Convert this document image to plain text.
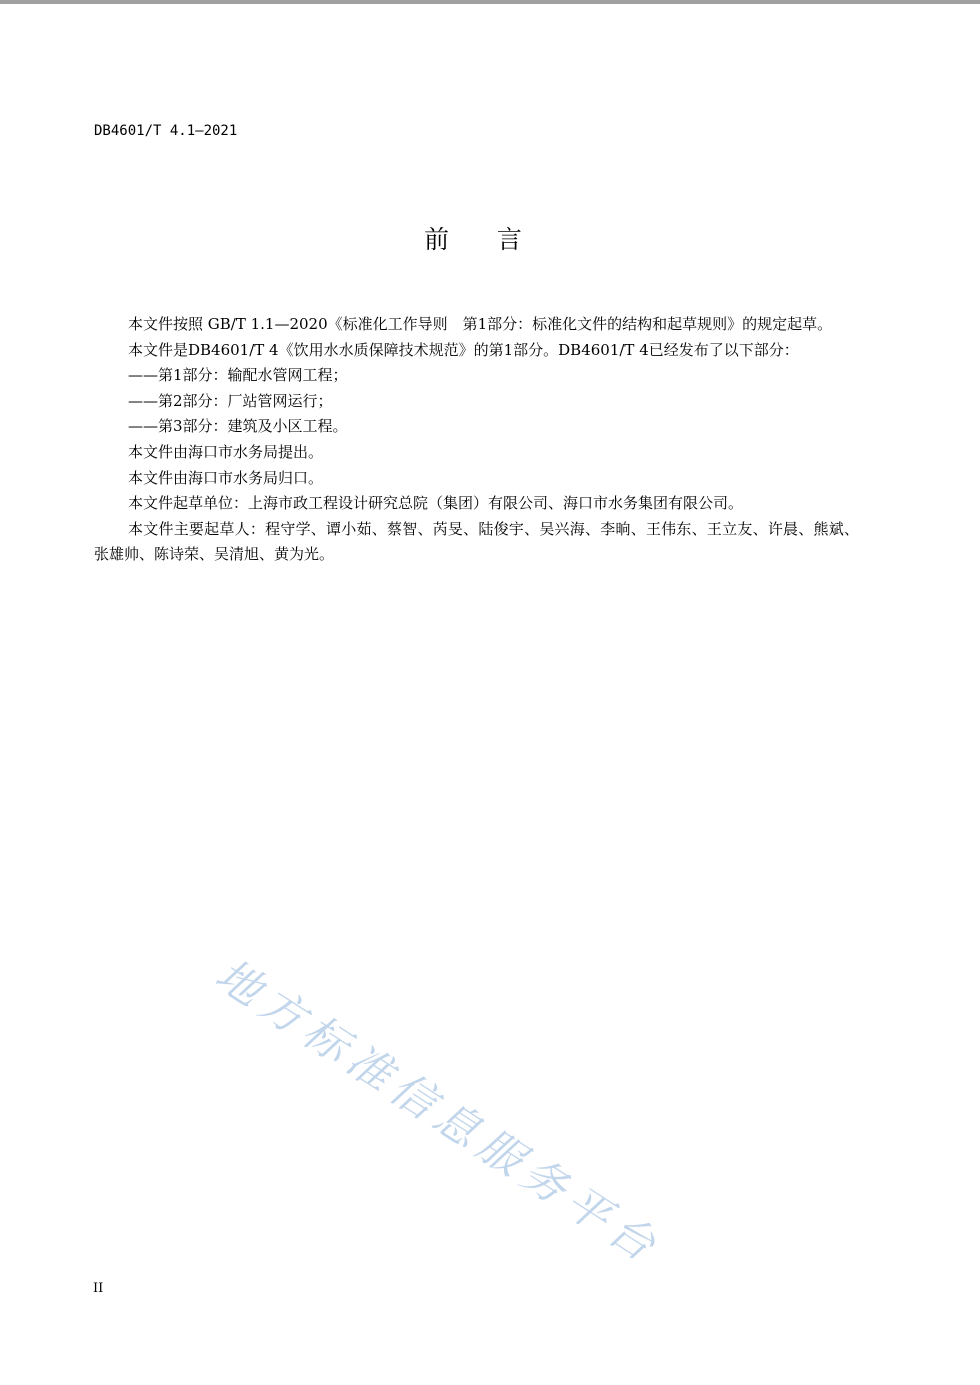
DB4601/T 4.1—2021
前      言

本文件按照 GB/T 1.1—2020《标准化工作导则　第1部分：标准化文件的结构和起草规则》的规定起草。

本文件是DB4601/T 4《饮用水水质保障技术规范》的第1部分。DB4601/T 4已经发布了以下部分：

——第1部分：输配水管网工程；

——第2部分：厂站管网运行；

——第3部分：建筑及小区工程。

本文件由海口市水务局提出。

本文件由海口市水务局归口。

本文件起草单位：上海市政工程设计研究总院（集团）有限公司、海口市水务集团有限公司。

本文件主要起草人：程守学、谭小茹、蔡智、芮旻、陆俊宇、吴兴海、李晌、王伟东、王立友、许晨、熊斌、张雄帅、陈诗荣、吴清旭、黄为光。

地方标准信息服务平台
II
